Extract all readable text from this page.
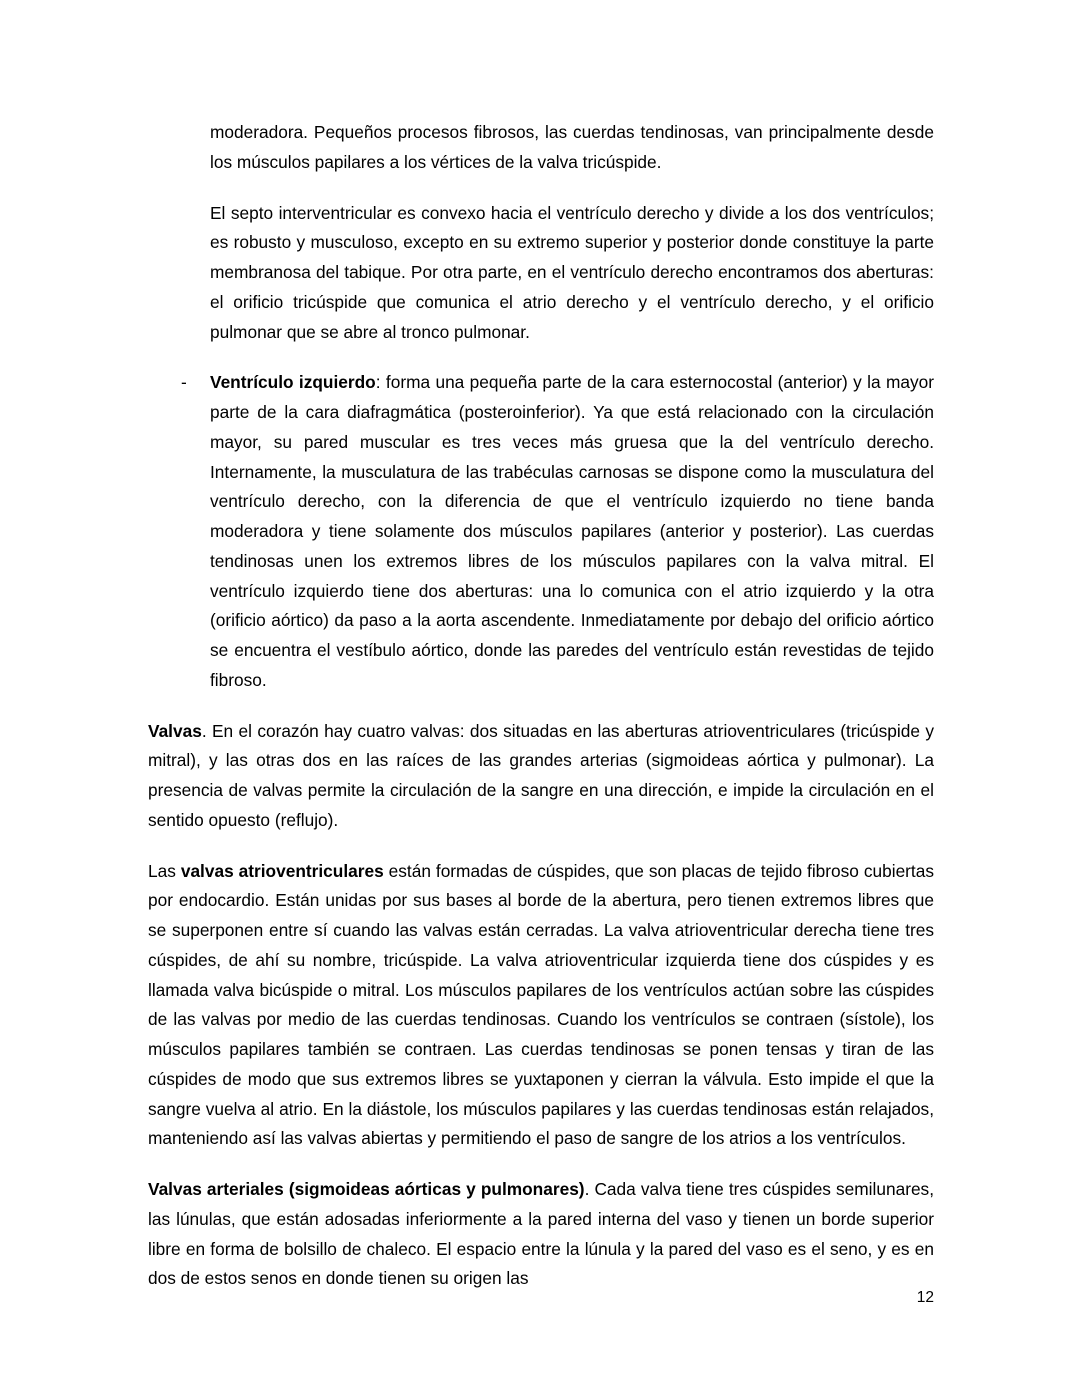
moderadora. Pequeños procesos fibrosos, las cuerdas tendinosas, van principalmente desde los músculos papilares a los vértices de la valva tricúspide.

El septo interventricular es convexo hacia el ventrículo derecho y divide a los dos ventrículos; es robusto y musculoso, excepto en su extremo superior y posterior donde constituye la parte membranosa del tabique. Por otra parte, en el ventrículo derecho encontramos dos aberturas: el orificio tricúspide que comunica el atrio derecho y el ventrículo derecho, y el orificio pulmonar que se abre al tronco pulmonar.

- Ventrículo izquierdo: forma una pequeña parte de la cara esternocostal (anterior) y la mayor parte de la cara diafragmática (posteroinferior). Ya que está relacionado con la circulación mayor, su pared muscular es tres veces más gruesa que la del ventrículo derecho. Internamente, la musculatura de las trabéculas carnosas se dispone como la musculatura del ventrículo derecho, con la diferencia de que el ventrículo izquierdo no tiene banda moderadora y tiene solamente dos músculos papilares (anterior y posterior). Las cuerdas tendinosas unen los extremos libres de los músculos papilares con la valva mitral. El ventrículo izquierdo tiene dos aberturas: una lo comunica con el atrio izquierdo y la otra (orificio aórtico) da paso a la aorta ascendente. Inmediatamente por debajo del orificio aórtico se encuentra el vestíbulo aórtico, donde las paredes del ventrículo están revestidas de tejido fibroso.

Valvas. En el corazón hay cuatro valvas: dos situadas en las aberturas atrioventriculares (tricúspide y mitral), y las otras dos en las raíces de las grandes arterias (sigmoideas aórtica y pulmonar). La presencia de valvas permite la circulación de la sangre en una dirección, e impide la circulación en el sentido opuesto (reflujo).

Las valvas atrioventriculares están formadas de cúspides, que son placas de tejido fibroso cubiertas por endocardio. Están unidas por sus bases al borde de la abertura, pero tienen extremos libres que se superponen entre sí cuando las valvas están cerradas. La valva atrioventricular derecha tiene tres cúspides, de ahí su nombre, tricúspide. La valva atrioventricular izquierda tiene dos cúspides y es llamada valva bicúspide o mitral. Los músculos papilares de los ventrículos actúan sobre las cúspides de las valvas por medio de las cuerdas tendinosas. Cuando los ventrículos se contraen (sístole), los músculos papilares también se contraen. Las cuerdas tendinosas se ponen tensas y tiran de las cúspides de modo que sus extremos libres se yuxtaponen y cierran la válvula. Esto impide el que la sangre vuelva al atrio. En la diástole, los músculos papilares y las cuerdas tendinosas están relajados, manteniendo así las valvas abiertas y permitiendo el paso de sangre de los atrios a los ventrículos.

Valvas arteriales (sigmoideas aórticas y pulmonares). Cada valva tiene tres cúspides semilunares, las lúnulas, que están adosadas inferiormente a la pared interna del vaso y tienen un borde superior libre en forma de bolsillo de chaleco. El espacio entre la lúnula y la pared del vaso es el seno, y es en dos de estos senos en donde tienen su origen las

12
